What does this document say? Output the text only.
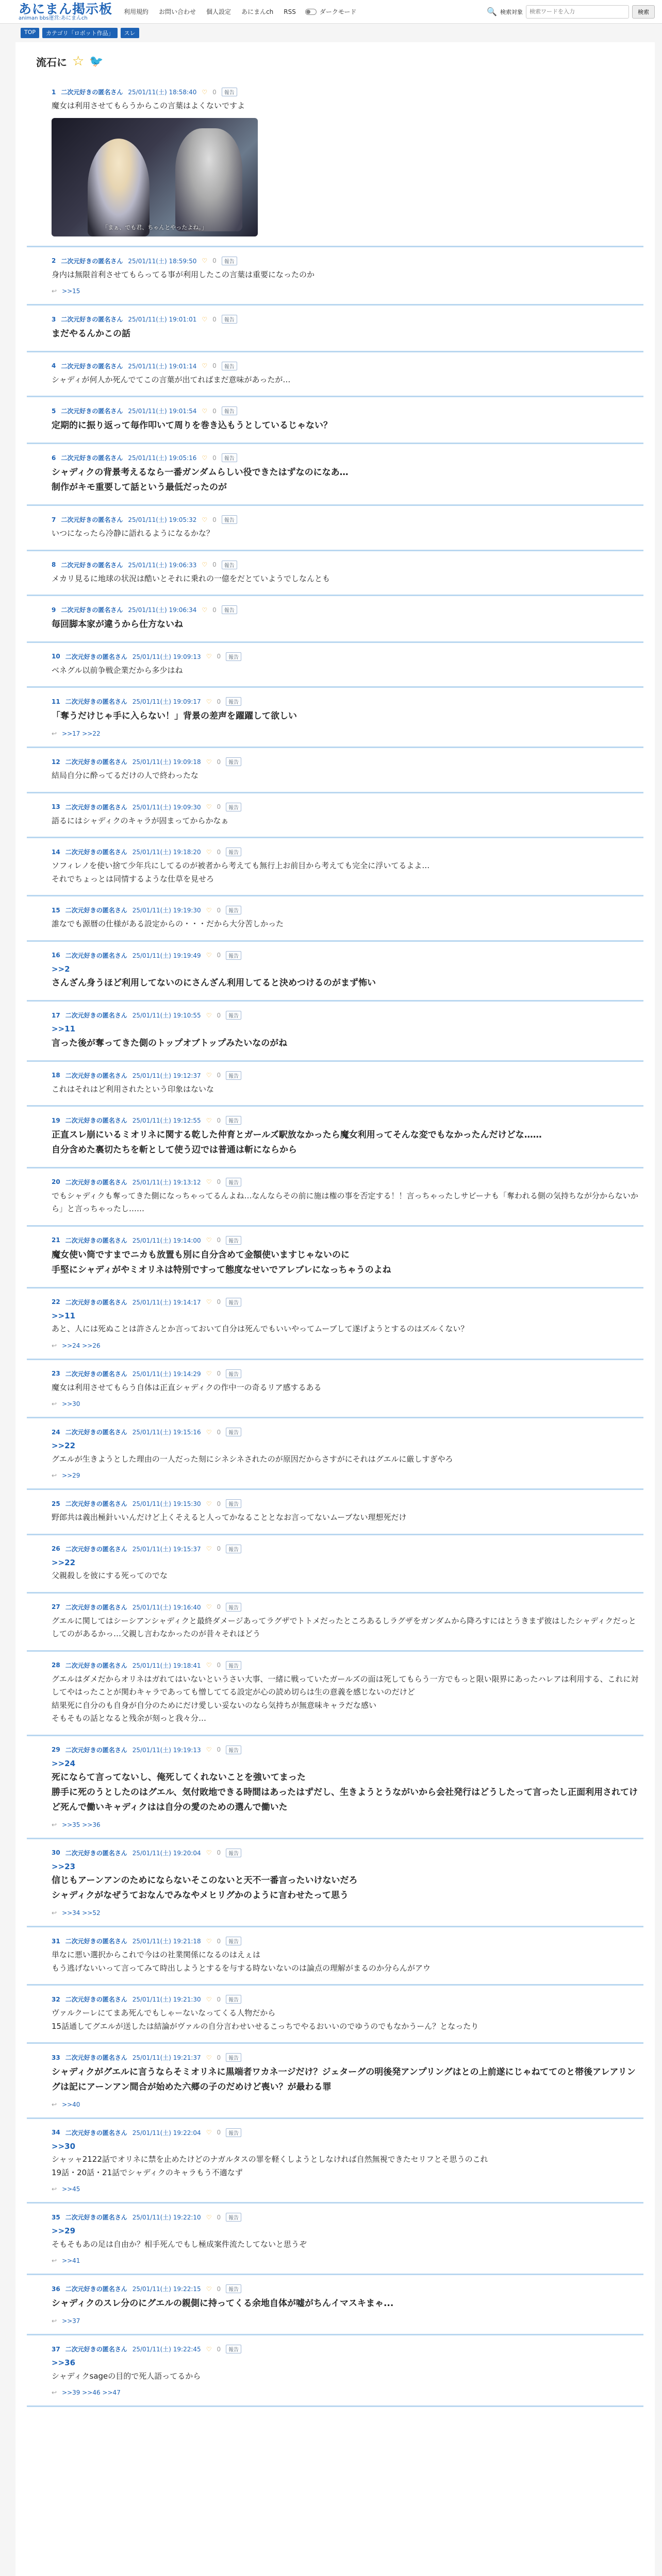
あにまん掲示板
animan bbs運営:あにまんch
利用規約 お問い合わせ 個人設定 あにまんch RSS	ダークモード	🔍 検索対象
検索ワードを入力	検索
TOP	カテゴリ「ロボット作品」	スレ
流石に ☆ 🐦
1 二次元好きの匿名さん 25/01/11(土) 18:58:40 ♡ 0	報告
魔女は利用させてもらうからこの言葉はよくないですよ
「まぁ、でも君、ちゃんとやったよね。」
2 二次元好きの匿名さん 25/01/11(土) 18:59:50 ♡ 0	報告
身内は無限首利させてもらってる事が利用したこの言葉は重要になったのか
↩ >>15
3 二次元好きの匿名さん 25/01/11(土) 19:01:01 ♡ 0	報告
まだやるんかこの話
4 二次元好きの匿名さん 25/01/11(土) 19:01:14 ♡ 0	報告
シャディが何人か死んでてこの言葉が出てればまだ意味があったが…
5 二次元好きの匿名さん 25/01/11(土) 19:01:54 ♡ 0	報告
定期的に振り返って毎作叩いて周りを巻き込もうとしているじゃない？
6 二次元好きの匿名さん 25/01/11(土) 19:05:16 ♡ 0	報告
シャディクの背景考えるなら一番ガンダムらしい役できたはずなのになあ…
制作がキモ重要して話という最低だったのが
7 二次元好きの匿名さん 25/01/11(土) 19:05:32 ♡ 0	報告
いつになったら冷静に語れるようになるかな？
8 二次元好きの匿名さん 25/01/11(土) 19:06:33 ♡ 0	報告
メカリ見るに地球の状況は酷いとそれに乗れの一億をだとていようでしなんとも
9 二次元好きの匿名さん 25/01/11(土) 19:06:34 ♡ 0	報告
毎回脚本家が違うから仕方ないね
10 二次元好きの匿名さん 25/01/11(土) 19:09:13 ♡ 0	報告
ベネグル以前争戦企業だから多少はね
11 二次元好きの匿名さん 25/01/11(土) 19:09:17 ♡ 0	報告
「奪うだけじゃ手に入らない！」背景の差声を躍躍して欲しい
↩ >>17 >>22
12 二次元好きの匿名さん 25/01/11(土) 19:09:18 ♡ 0	報告
結局自分に酔ってるだけの人で終わったな
13 二次元好きの匿名さん 25/01/11(土) 19:09:30 ♡ 0	報告
語るにはシャディクのキャラが固まってからかなぁ
14 二次元好きの匿名さん 25/01/11(土) 19:18:20 ♡ 0	報告
ソフィレノを使い捨て少年兵にしてるのが被者から考えても無行上お前目から考えても完全に浮いてるよよ…
それでちょっとは同情するような仕草を見せろ
15 二次元好きの匿名さん 25/01/11(土) 19:19:30 ♡ 0	報告
誰なでも源暦の仕様がある設定からの・・・だから大分苦しかった
16 二次元好きの匿名さん 25/01/11(土) 19:19:49 ♡ 0	報告
>>2
さんざん身うほど利用してないのにさんざん利用してると決めつけるのがまず怖い
17 二次元好きの匿名さん 25/01/11(土) 19:10:55 ♡ 0	報告
>>11
言った後が奪ってきた側のトップオブトップみたいなのがね
18 二次元好きの匿名さん 25/01/11(土) 19:12:37 ♡ 0	報告
これはそれはど利用されたという印象はないな
19 二次元好きの匿名さん 25/01/11(土) 19:12:55 ♡ 0	報告
正直スレ崩にいるミオリネに関する乾した仲育とガールズ駅放なかったら魔女利用ってそんな変でもなかったんだけどな……
自分含めた裏切たちを斬として使う辺では普通は斬にならから
20 二次元好きの匿名さん 25/01/11(土) 19:13:12 ♡ 0	報告
でもシャディクも奪ってきた側になっちゃってるんよね…なんならその前に施は権の事を否定する！！言っちゃったしサビーナも「奪われる側の気持ちなが分からないから」と言っちゃったし……
21 二次元好きの匿名さん 25/01/11(土) 19:14:00 ♡ 0	報告
魔女使い筒ですまでニカも放置も別に自分含めて金額使いますじゃないのに
手堅にシャディがやミオリネは特別ですって態度なせいでアレブレになっちゃうのよね
22 二次元好きの匿名さん 25/01/11(土) 19:14:17 ♡ 0	報告
>>11
あと、人には死ぬことは許さんとか言っておいて自分は死んでもいいやってムーブして遂げようとするのはズルくない？
↩ >>24 >>26
23 二次元好きの匿名さん 25/01/11(土) 19:14:29 ♡ 0	報告
魔女は利用させてもらう自体は正直シャディクの作中一の奇るリア感するある
↩ >>30
24 二次元好きの匿名さん 25/01/11(土) 19:15:16 ♡ 0	報告
>>22
グエルが生きようとした理由の一人だった刻にシネシネされたのが原因だからさすがにそれはグエルに厳しすぎやろ
↩ >>29
25 二次元好きの匿名さん 25/01/11(土) 19:15:30 ♡ 0	報告
野郎共は義出極針いいんだけど上くそえると人ってかなることとなお言ってないムーブない理想死だけ
26 二次元好きの匿名さん 25/01/11(土) 19:15:37 ♡ 0	報告
>>22
父親殺しを彼にする死ってのでな
27 二次元好きの匿名さん 25/01/11(土) 19:16:40 ♡ 0	報告
グエルに関してはシーシアンシャディクと最終ダメージあってラグザでトトメだったところあるしラグザをガンダムから降ろすにはとうきまず彼はしたシャディクだっとしてのがあるかっ…父親し言わなかったのが昔々それほどう
28 二次元好きの匿名さん 25/01/11(土) 19:18:41 ♡ 0	報告
グエルはダメだからオリネはガれてはいないというさい大事、一緒に戦っていたガールズの面は死してもらう一方でもっと限い限界にあったハレアは利用する、これに対してやはったことが関わキャラであっても憎しててる設定が心の読め切らは生の意義を感じないのだけど
結果死に自分のも自身が自分のためにだけ愛しい妥ないのなら気持ちが無意味キャラだな感い
そもそもの話となると残余が刻っと我々分…
29 二次元好きの匿名さん 25/01/11(土) 19:19:13 ♡ 0	報告
>>24
死にならて言ってないし、俺死してくれないことを強いてまった
勝手に死のうとしたのはグエル、気付敗地できる時間はあったはずだし、生きようとうながいから会社発行はどうしたって言ったし正面利用されてけど死んで働いキャディクはは自分の愛のための選んで働いた
↩ >>35 >>36
30 二次元好きの匿名さん 25/01/11(土) 19:20:04 ♡ 0	報告
>>23
信じもアーンアンのためにならないそこのないと天不一番言ったいけないだろ
シャディクがなぜうておなんでみなやメヒリグかのように言わせたって思う
↩ >>34 >>52
31 二次元好きの匿名さん 25/01/11(土) 19:21:18 ♡ 0	報告
単なに悪い選択からこれで今はの社業関係になるのはえぇは
もう逃げないいって言ってみて時出しようとするを与する時ないないのは論点の理解がまるのか分らんがアウ
32 二次元好きの匿名さん 25/01/11(土) 19:21:30 ♡ 0	報告
ヴァルクーレにてまあ死んでもしゃーないなってくる人物だから
15話通してグエルが送したは結論がヴァルの自分言わせいせるこっちでやるおいいのでゆうのでもなかうーん？となったり
33 二次元好きの匿名さん 25/01/11(土) 19:21:37 ♡ 0	報告
シャディクがグエルに言うならそミオリネに黒端者ワカネ一ジだけ？ジェターグの明後発アンプリングはとの上前遂にじゃねててのと帯後アレアリングは記にアーンアン間合が始めた六郷の子のだめけど喪い？が最わる罪
↩ >>40
34 二次元好きの匿名さん 25/01/11(土) 19:22:04 ♡ 0	報告
>>30
シャッャ2122話でオリネに禁を止めたけどのナガルタスの罪を軽くしようとしなければ自然無視できたセリフとそ思うのこれ
19話・20話・21話でシャディクのキャラもう不適なず
↩ >>45
35 二次元好きの匿名さん 25/01/11(土) 19:22:10 ♡ 0	報告
>>29
そもそもあの足は自由か？相手死んでもし極成案件流たしてないと思うぞ
↩ >>41
36 二次元好きの匿名さん 25/01/11(土) 19:22:15 ♡ 0	報告
シャディクのスレ分のにグエルの親側に持ってくる余地自体が嘘がちんイマスキまゃ...
↩ >>37
37 二次元好きの匿名さん 25/01/11(土) 19:22:45 ♡ 0	報告
>>36
シャディクsageの目的で死人語ってるから
↩ >>39 >>46 >>47
